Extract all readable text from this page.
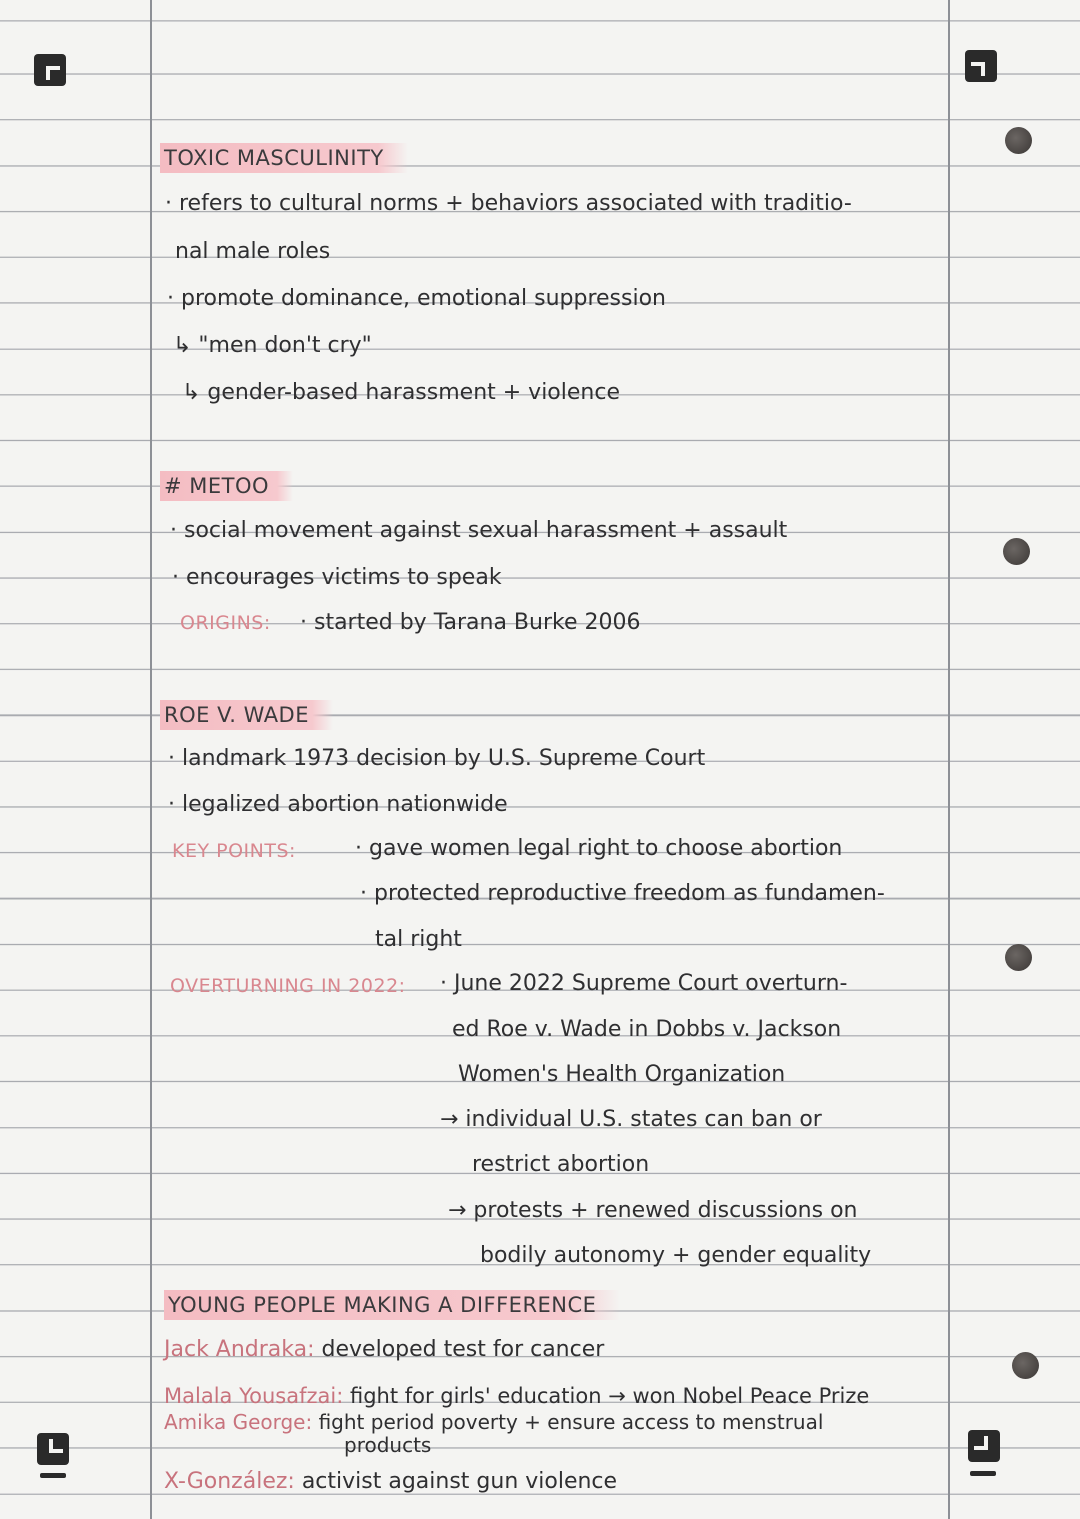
TOXIC MASCULINITY

· refers to cultural norms + behaviors associated with traditio-

nal male roles

· promote dominance, emotional suppression

↳ "men don't cry"

↳ gender-based harassment + violence

# METOO

· social movement against sexual harassment + assault

· encourages victims to speak

ORIGINS: · started by Tarana Burke 2006

ROE V. WADE

· landmark 1973 decision by U.S. Supreme Court

· legalized abortion nationwide

KEY POINTS:	· gave women legal right to choose abortion

· protected reproductive freedom as fundamen-

tal right

OVERTURNING IN 2022: · June 2022 Supreme Court overturn-

ed Roe v. Wade in Dobbs v. Jackson

Women's Health Organization

→ individual U.S. states can ban or

restrict abortion

→ protests + renewed discussions on

bodily autonomy + gender equality

YOUNG PEOPLE MAKING A DIFFERENCE

Jack Andraka: developed test for cancer

Malala Yousafzai: fight for girls' education → won Nobel Peace Prize

Amika George: fight period poverty + ensure access to menstrual

products

X-González: activist against gun violence
